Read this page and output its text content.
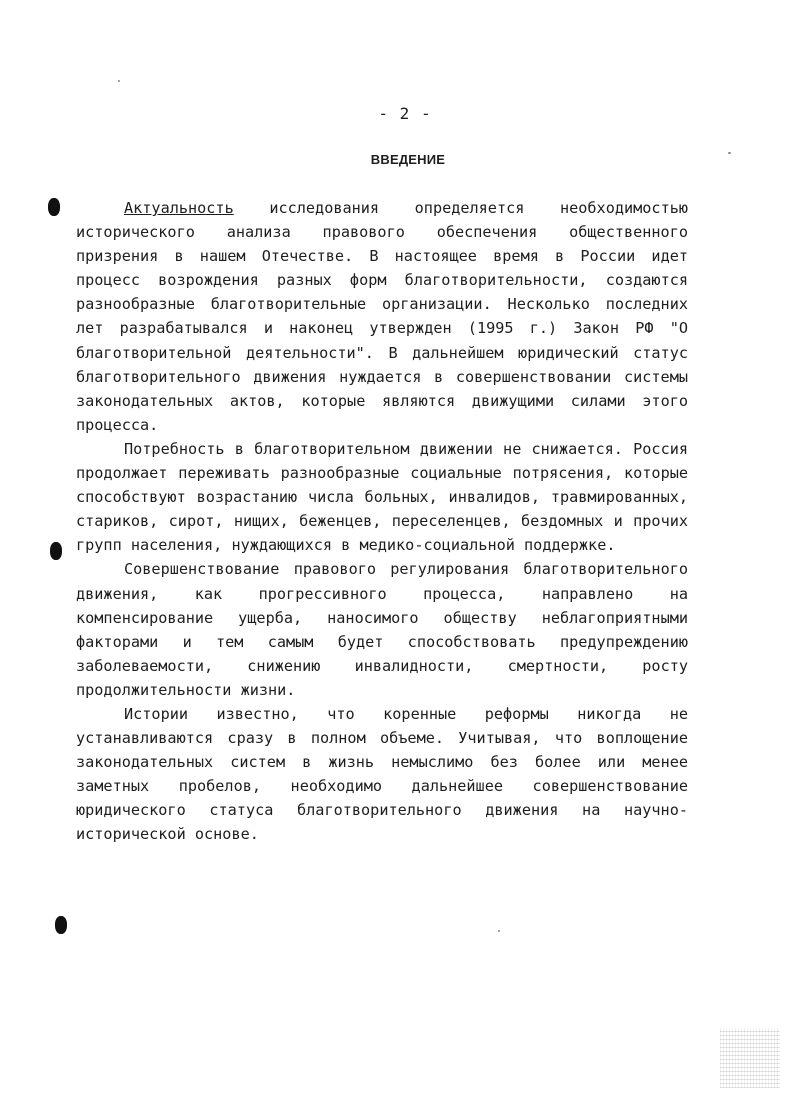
- 2 -
ВВЕДЕНИЕ

Актуальность исследования определяется необходимостью исторического анализа правового обеспечения общественного призрения в нашем Отечестве. В настоящее время в России идет процесс возрождения разных форм благотворительности, создаются разнообразные благотворительные организации. Несколько последних лет разрабатывался и наконец утвержден (1995 г.) Закон РФ "О благотворительной деятельности". В дальнейшем юридический статус благотворительного движения нуждается в совершенствовании системы законодательных актов, которые являются движущими силами этого процесса.

Потребность в благотворительном движении не снижается. Россия продолжает переживать разнообразные социальные потрясения, которые способствуют возрастанию числа больных, инвалидов, травмированных, стариков, сирот, нищих, беженцев, переселенцев, бездомных и прочих групп населения, нуждающихся в медико-социальной поддержке.

Совершенствование правового регулирования благотворительного движения, как прогрессивного процесса, направлено на компенсирование ущерба, наносимого обществу неблагоприятными факторами и тем самым будет способствовать предупреждению заболеваемости, снижению инвалидности, смертности, росту продолжительности жизни.

Истории известно, что коренные реформы никогда не устанавливаются сразу в полном объеме. Учитывая, что воплощение законодательных систем в жизнь немыслимо без более или менее заметных пробелов, необходимо дальнейшее совершенствование юридического статуса благотворительного движения на научно-исторической основе.
